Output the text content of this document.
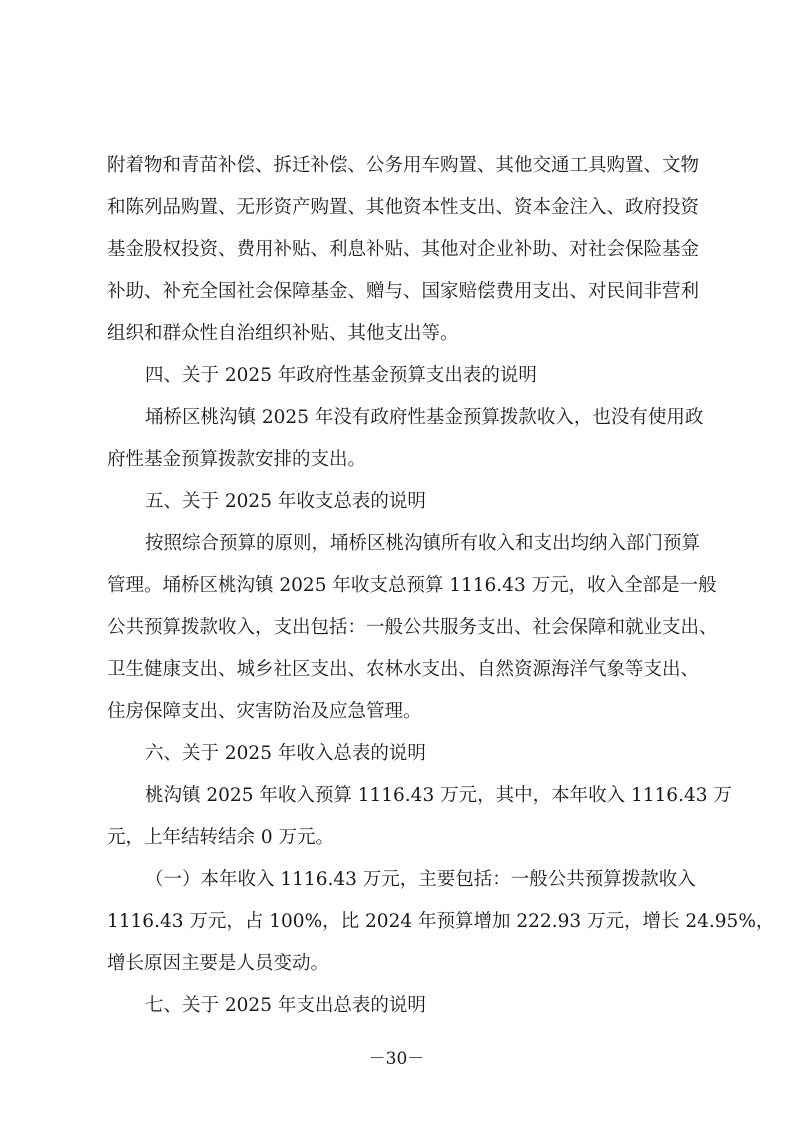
附着物和青苗补偿、拆迁补偿、公务用车购置、其他交通工具购置、文物
和陈列品购置、无形资产购置、其他资本性支出、资本金注入、政府投资
基金股权投资、费用补贴、利息补贴、其他对企业补助、对社会保险基金
补助、补充全国社会保障基金、赠与、国家赔偿费用支出、对民间非营利
组织和群众性自治组织补贴、其他支出等。
四、关于 2025 年政府性基金预算支出表的说明
埇桥区桃沟镇 2025 年没有政府性基金预算拨款收入，也没有使用政
府性基金预算拨款安排的支出。
五、关于 2025 年收支总表的说明
按照综合预算的原则，埇桥区桃沟镇所有收入和支出均纳入部门预算
管理。埇桥区桃沟镇 2025 年收支总预算 1116.43 万元，收入全部是一般
公共预算拨款收入，支出包括：一般公共服务支出、社会保障和就业支出、
卫生健康支出、城乡社区支出、农林水支出、自然资源海洋气象等支出、
住房保障支出、灾害防治及应急管理。
六、关于 2025 年收入总表的说明
桃沟镇 2025 年收入预算 1116.43 万元，其中，本年收入 1116.43 万
元，上年结转结余 0 万元。
（一）本年收入 1116.43 万元，主要包括：一般公共预算拨款收入
1116.43 万元，占 100%，比 2024 年预算增加 222.93 万元，增长 24.95%，
增长原因主要是人员变动。
七、关于 2025 年支出总表的说明
－30－
